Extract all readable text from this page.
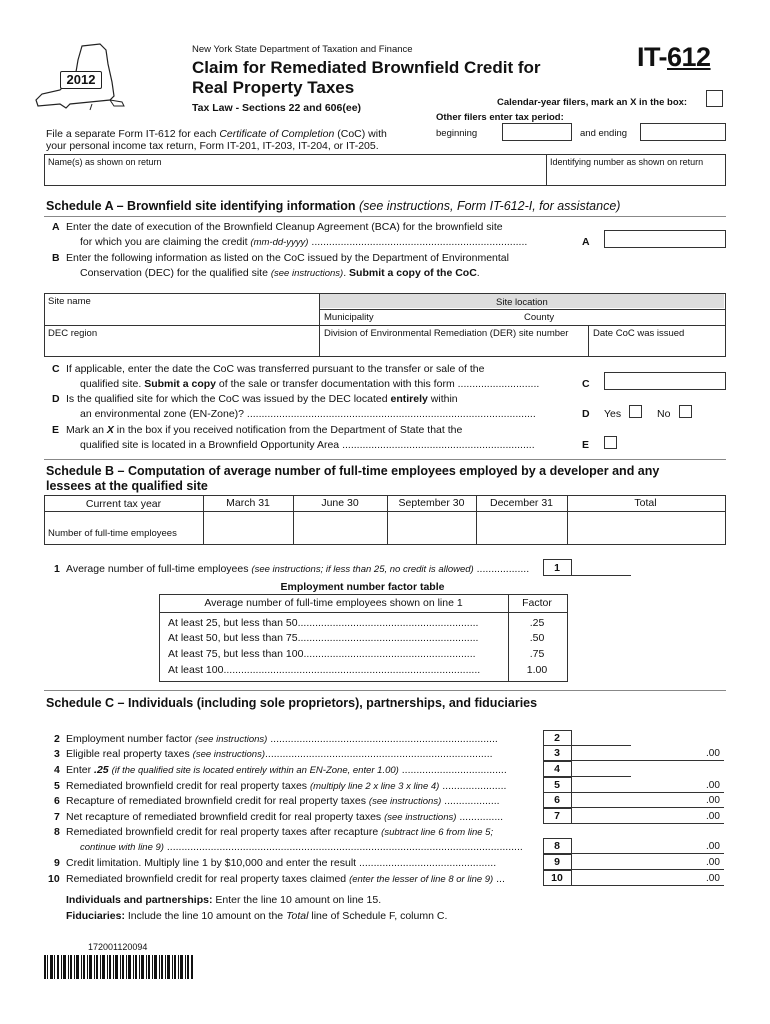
2012
New York State Department of Taxation and Finance
Claim for Remediated Brownfield Credit for
Real Property Taxes
Tax Law - Sections 22 and 606(ee)
IT-612
Calendar-year filers, mark an X in the box:
Other filers enter tax period:
beginning	and ending
File a separate Form IT-612 for each Certificate of Completion (CoC) with
your personal income tax return, Form IT-201, IT-203, IT-204, or IT-205.
Name(s) as shown on return	Identifying number as shown on return
Schedule A – Brownfield site identifying information (see instructions, Form IT-612-I, for assistance)
A Enter the date of execution of the Brownfield Cleanup Agreement (BCA) for the brownfield site
for which you are claiming the credit (mm-dd-yyyy) ..........................................................................	A
B Enter the following information as listed on the CoC issued by the Department of Environmental
Conservation (DEC) for the qualified site (see instructions). Submit a copy of the CoC.
Site name	Site location
Municipality	County
DEC region	Division of Environmental Remediation (DER) site number	Date CoC was issued
C If applicable, enter the date the CoC was transferred pursuant to the transfer or sale of the
qualified site. Submit a copy of the sale or transfer documentation with this form ............................	C
D Is the qualified site for which the CoC was issued by the DEC located entirely within
an environmental zone (EN-Zone)? ...................................................................................................	D Yes	No
E Mark an X in the box if you received notification from the Department of State that the
qualified site is located in a Brownfield Opportunity Area ..................................................................	E
Schedule B – Computation of average number of full-time employees employed by a developer and any
lessees at the qualified site
Current tax year	March 31	June 30	September 30	December 31	Total
Number of full-time employees
1 Average number of full-time employees (see instructions; if less than 25, no credit is allowed) ..................	1
Employment number factor table
Average number of full-time employees shown on line 1	Factor
At least 25, but less than 50..............................................................	.25
At least 50, but less than 75..............................................................	.50
At least 75, but less than 100...........................................................	.75
At least 100........................................................................................	1.00
Schedule C – Individuals (including sole proprietors), partnerships, and fiduciaries
2 Employment number factor (see instructions) ..............................................................................	2
3 Eligible real property taxes (see instructions)..............................................................................	3	.00
4 Enter .25 (if the qualified site is located entirely within an EN-Zone, enter 1.00) ....................................	4
5 Remediated brownfield credit for real property taxes (multiply line 2 x line 3 x line 4) ......................	5	.00
6 Recapture of remediated brownfield credit for real property taxes (see instructions) ...................	6	.00
7 Net recapture of remediated brownfield credit for real property taxes (see instructions) ...............	7	.00
8 Remediated brownfield credit for real property taxes after recapture (subtract line 6 from line 5;
continue with line 9) ..........................................................................................................................	8	.00
9 Credit limitation. Multiply line 1 by $10,000 and enter the result ...............................................	9	.00
10 Remediated brownfield credit for real property taxes claimed (enter the lesser of line 8 or line 9) ...	10	.00
Individuals and partnerships: Enter the line 10 amount on line 15.
Fiduciaries: Include the line 10 amount on the Total line of Schedule F, column C.
172001120094
